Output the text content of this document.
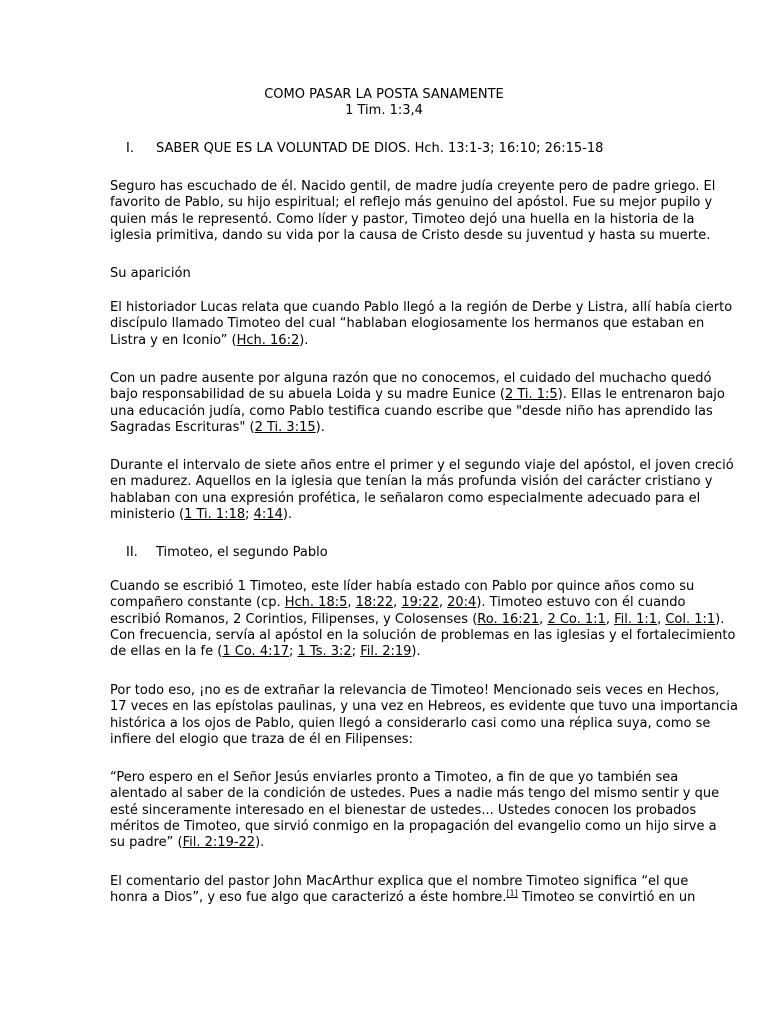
COMO PASAR LA POSTA SANAMENTE
1 Tim. 1:3,4
I. SABER QUE ES LA VOLUNTAD DE DIOS. Hch. 13:1-3; 16:10; 26:15-18
Seguro has escuchado de él. Nacido gentil, de madre judía creyente pero de padre griego. El
favorito de Pablo, su hijo espiritual; el reflejo más genuino del apóstol. Fue su mejor pupilo y
quien más le representó. Como líder y pastor, Timoteo dejó una huella en la historia de la
iglesia primitiva, dando su vida por la causa de Cristo desde su juventud y hasta su muerte.
Su aparición
El historiador Lucas relata que cuando Pablo llegó a la región de Derbe y Listra, allí había cierto
discípulo llamado Timoteo del cual “hablaban elogiosamente los hermanos que estaban en
Listra y en Iconio” (Hch. 16:2).
Con un padre ausente por alguna razón que no conocemos, el cuidado del muchacho quedó
bajo responsabilidad de su abuela Loida y su madre Eunice (2 Ti. 1:5). Ellas le entrenaron bajo
una educación judía, como Pablo testifica cuando escribe que "desde niño has aprendido las
Sagradas Escrituras" (2 Ti. 3:15).
Durante el intervalo de siete años entre el primer y el segundo viaje del apóstol, el joven creció
en madurez. Aquellos en la iglesia que tenían la más profunda visión del carácter cristiano y
hablaban con una expresión profética, le señalaron como especialmente adecuado para el
ministerio (1 Ti. 1:18; 4:14).
II. Timoteo, el segundo Pablo
Cuando se escribió 1 Timoteo, este líder había estado con Pablo por quince años como su
compañero constante (cp. Hch. 18:5, 18:22, 19:22, 20:4). Timoteo estuvo con él cuando
escribió Romanos, 2 Corintios, Filipenses, y Colosenses (Ro. 16:21, 2 Co. 1:1, Fil. 1:1, Col. 1:1).
Con frecuencia, servía al apóstol en la solución de problemas en las iglesias y el fortalecimiento
de ellas en la fe (1 Co. 4:17; 1 Ts. 3:2; Fil. 2:19).
Por todo eso, ¡no es de extrañar la relevancia de Timoteo! Mencionado seis veces en Hechos,
17 veces en las epístolas paulinas, y una vez en Hebreos, es evidente que tuvo una importancia
histórica a los ojos de Pablo, quien llegó a considerarlo casi como una réplica suya, como se
infiere del elogio que traza de él en Filipenses:
“Pero espero en el Señor Jesús enviarles pronto a Timoteo, a fin de que yo también sea
alentado al saber de la condición de ustedes. Pues a nadie más tengo del mismo sentir y que
esté sinceramente interesado en el bienestar de ustedes... Ustedes conocen los probados
méritos de Timoteo, que sirvió conmigo en la propagación del evangelio como un hijo sirve a
su padre” (Fil. 2:19-22).
El comentario del pastor John MacArthur explica que el nombre Timoteo significa “el que
honra a Dios”, y eso fue algo que caracterizó a éste hombre.[1] Timoteo se convirtió en un
